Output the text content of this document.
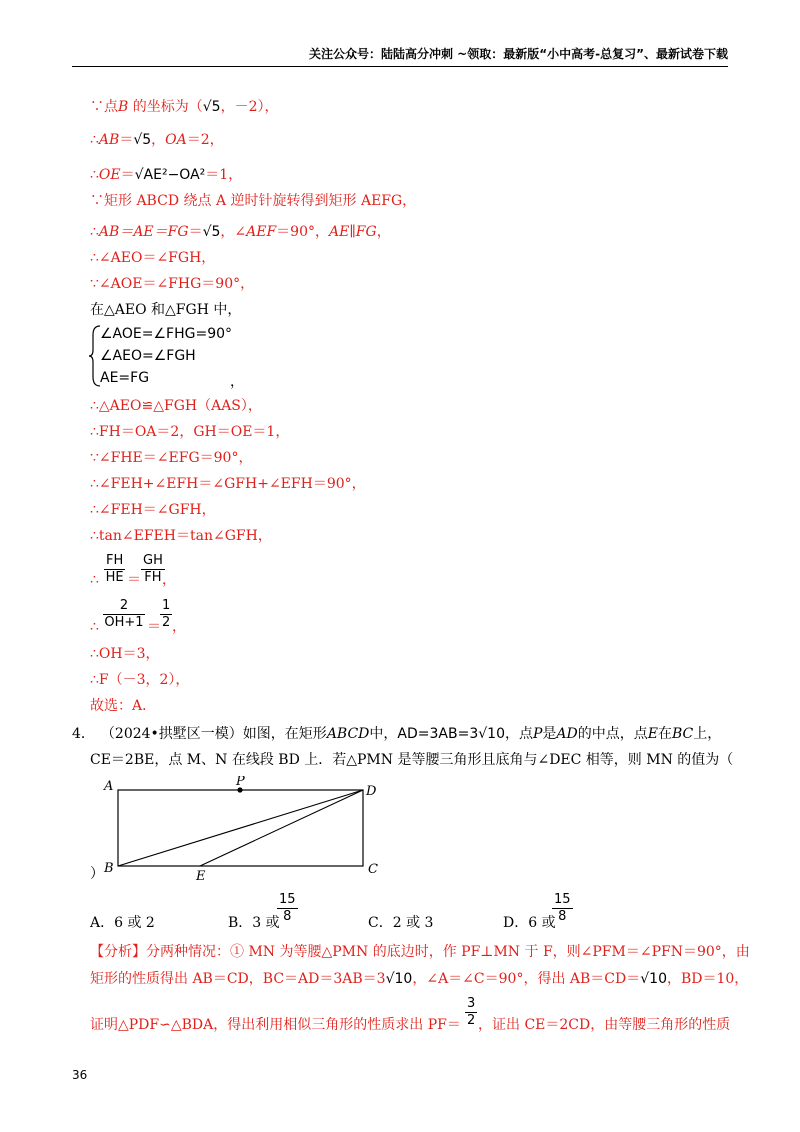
关注公众号：陆陆高分冲刺 ~领取：最新版“小中高考-总复习”、最新试卷下载
∵点B 的坐标为（√5，－2），
∴AB＝√5，OA＝2，
∴OE＝√AE²−OA²＝1，
∵矩形 ABCD 绕点 A 逆时针旋转得到矩形 AEFG，
∴AB＝AE＝FG＝√5，∠AEF＝90°，AE∥FG，
∴∠AEO＝∠FGH，
∵∠AOE＝∠FHG＝90°，
在△AEO 和△FGH 中，
∠AOE=∠FHG=90°
∠AEO=∠FGH
AE=FG	，
∴△AEO≌△FGH（AAS），
∴FH＝OA＝2，GH＝OE＝1，
∵∠FHE＝∠EFG＝90°，
∴∠FEH+∠EFH＝∠GFH+∠EFH＝90°，
∴∠FEH＝∠GFH，
∴tan∠EFEH＝tan∠GFH，
∴ $\frac{FH}{HE} = \frac{GH}{FH}$
，
∴ $\frac{2}{OH+1} = \frac{1}{2}$ ，
∴OH＝3，
∴F（－3，2），
故选：A．
4． （2024•拱墅区一模）如图，在矩形ABCD中，AD=3AB=3√10，点P是AD的中点，点E在BC上，
CE＝2BE，点 M、N 在线段 BD 上．若△PMN 是等腰三角形且底角与∠DEC 相等，则 MN 的值为（
A
B	C
D
P
E
）
A．6 或 2	B．3 或
$\frac{15}{8}$	C．2 或 3	D．6 或
$\frac{15}{8}$
【分析】分两种情况：① MN 为等腰△PMN 的底边时，作 PF⊥MN 于 F，则∠PFM＝∠PFN＝90°，由
矩形的性质得出 AB＝CD，BC＝AD＝3AB＝3√10，∠A＝∠C＝90°，得出 AB＝CD＝√10，BD＝10，
证明△PDF∽△BDA，得出利用相似三角形的性质求出 $PF= \frac{3}{2}$ ，证出 CE＝2CD，由等腰三角形的性质
36
